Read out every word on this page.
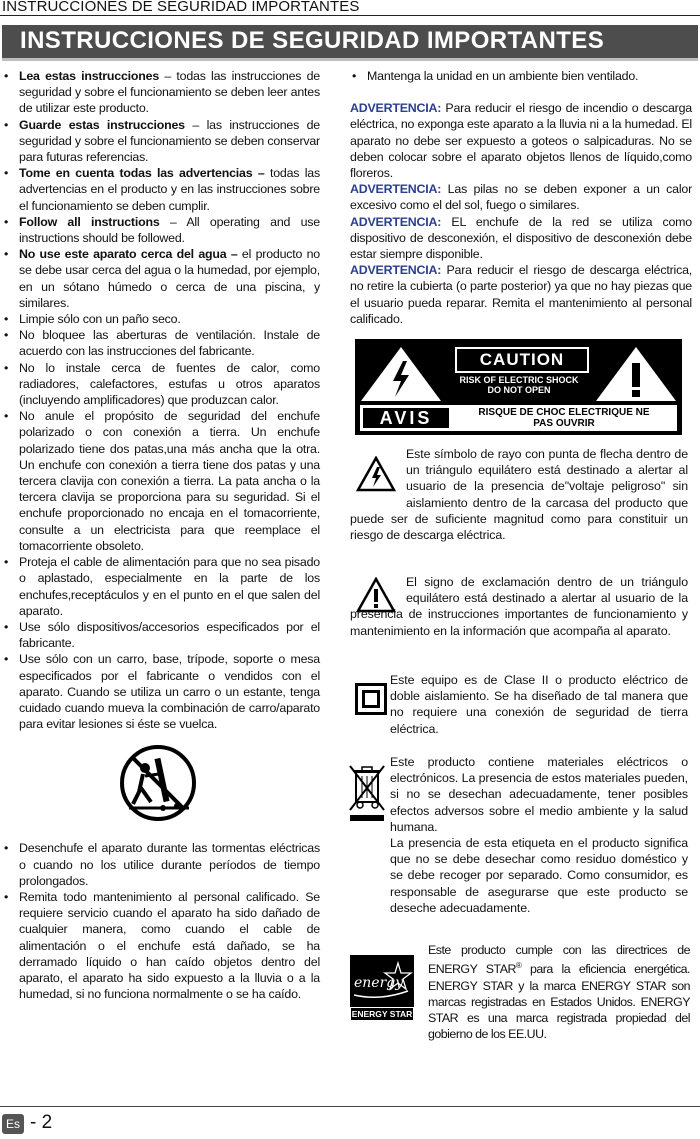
INSTRUCCIONES DE SEGURIDAD IMPORTANTES
INSTRUCCIONES DE SEGURIDAD IMPORTANTES
• Lea estas instrucciones – todas las instrucciones de seguridad y sobre el funcionamiento se deben leer antes de utilizar este producto.
• Guarde estas instrucciones – las instrucciones de seguridad y sobre el funcionamiento se deben conservar para futuras referencias.
• Tome en cuenta todas las advertencias – todas las advertencias en el producto y en las instrucciones sobre el funcionamiento se deben cumplir.
• Follow all instructions – All operating and use instructions should be followed.
• No use este aparato cerca del agua – el producto no se debe usar cerca del agua o la humedad, por ejemplo, en un sótano húmedo o cerca de una piscina, y similares.
• Limpie sólo con un paño seco.
• No bloquee las aberturas de ventilación. Instale de acuerdo con las instrucciones del fabricante.
• No lo instale cerca de fuentes de calor, como radiadores, calefactores, estufas u otros aparatos (incluyendo amplificadores) que produzcan calor.
• No anule el propósito de seguridad del enchufe polarizado o con conexión a tierra. Un enchufe polarizado tiene dos patas,una más ancha que la otra. Un enchufe con conexión a tierra tiene dos patas y una tercera clavija con conexión a tierra. La pata ancha o la tercera clavija se proporciona para su seguridad. Si el enchufe proporcionado no encaja en el tomacorriente, consulte a un electricista para que reemplace el tomacorriente obsoleto.
• Proteja el cable de alimentación para que no sea pisado o aplastado, especialmente en la parte de los enchufes,receptáculos y en el punto en el que salen del aparato.
• Use sólo dispositivos/accesorios especificados por el fabricante.
• Use sólo con un carro, base, trípode, soporte o mesa especificados por el fabricante o vendidos con el aparato. Cuando se utiliza un carro o un estante, tenga cuidado cuando mueva la combinación de carro/aparato para evitar lesiones si éste se vuelca.
• Desenchufe el aparato durante las tormentas eléctricas o cuando no los utilice durante períodos de tiempo prolongados.
• Remita todo mantenimiento al personal calificado. Se requiere servicio cuando el aparato ha sido dañado de cualquier manera, como cuando el cable de alimentación o el enchufe está dañado, se ha derramado líquido o han caído objetos dentro del aparato, el aparato ha sido expuesto a la lluvia o a la humedad, si no funciona normalmente o se ha caído.
• Mantenga la unidad en un ambiente bien ventilado.

ADVERTENCIA: Para reducir el riesgo de incendio o descarga eléctrica, no exponga este aparato a la lluvia ni a la humedad. El aparato no debe ser expuesto a goteos o salpicaduras. No se deben colocar sobre el aparato objetos llenos de líquido,como floreros.

ADVERTENCIA: Las pilas no se deben exponer a un calor excesivo como el del sol, fuego o similares.

ADVERTENCIA: EL enchufe de la red se utiliza como dispositivo de desconexión, el dispositivo de desconexión debe estar siempre disponible.

ADVERTENCIA: Para reducir el riesgo de descarga eléctrica, no retire la cubierta (o parte posterior) ya que no hay piezas que el usuario pueda reparar. Remita el mantenimiento al personal calificado.

CAUTION
RISK OF ELECTRIC SHOCK
DO NOT OPEN
AVIS	RISQUE DE CHOC ELECTRIQUE NE
PAS OUVRIR
Este símbolo de rayo con punta de flecha dentro de un triángulo equilátero está destinado a alertar al usuario de la presencia de"voltaje peligroso" sin aislamiento dentro de la carcasa del producto que puede ser de suficiente magnitud como para constituir un riesgo de descarga eléctrica.
El signo de exclamación dentro de un triángulo equilátero está destinado a alertar al usuario de la presencia de instrucciones importantes de funcionamiento y mantenimiento en la información que acompaña al aparato.
Este equipo es de Clase II o producto eléctrico de doble aislamiento. Se ha diseñado de tal manera que no requiere una conexión de seguridad de tierra eléctrica.
Este producto contiene materiales eléctricos o electrónicos. La presencia de estos materiales pueden, si no se desechan adecuadamente, tener posibles efectos adversos sobre el medio ambiente y la salud humana.
La presencia de esta etiqueta en el producto significa que no se debe desechar como residuo doméstico y se debe recoger por separado. Como consumidor, es responsable de asegurarse que este producto se deseche adecuadamente.
energy
ENERGY STAR
Este producto cumple con las directrices de ENERGY STAR® para la eficiencia energética. ENERGY STAR y la marca ENERGY STAR son marcas registradas en Estados Unidos. ENERGY STAR es una marca registrada propiedad del gobierno de los EE.UU.
Es - 2
